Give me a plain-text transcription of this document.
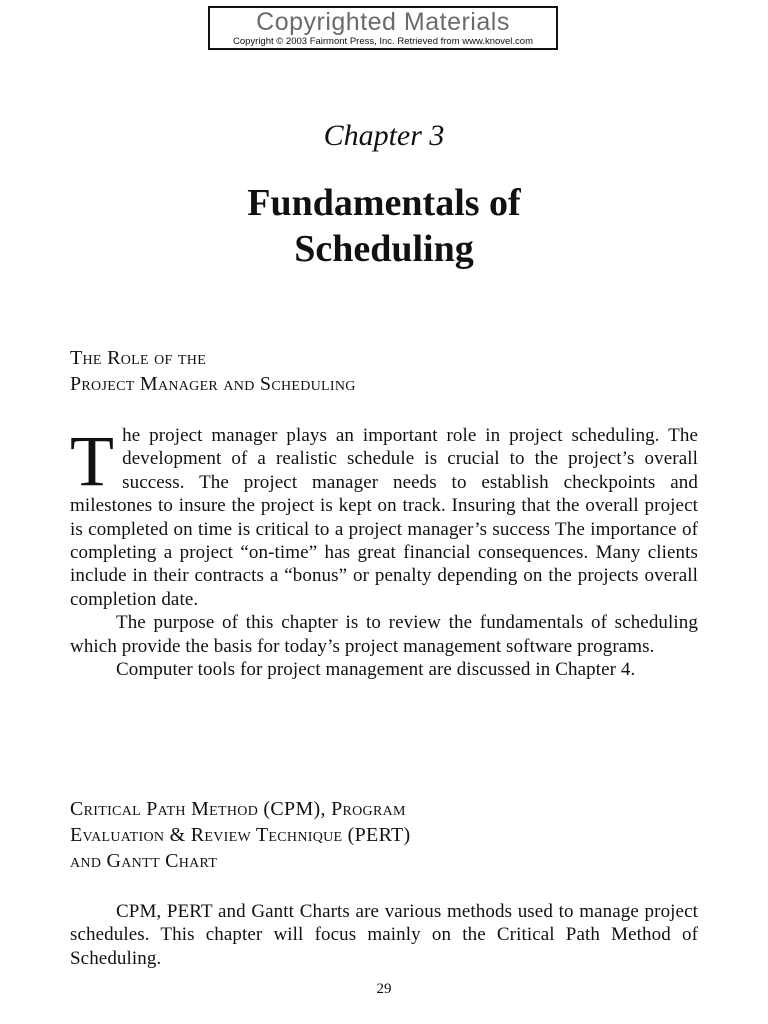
Copyrighted Materials
Copyright © 2003 Fairmont Press, Inc. Retrieved from www.knovel.com
Chapter 3
Fundamentals of
Scheduling
The Role of the
Project Manager and Scheduling

The project manager plays an important role in project scheduling. The development of a realistic schedule is crucial to the project’s overall success. The project manager needs to establish checkpoints and milestones to insure the project is kept on track. Insuring that the overall project is completed on time is critical to a project manager’s success The importance of completing a project “on-time” has great financial consequences. Many clients include in their contracts a “bonus” or penalty depending on the projects overall completion date.

The purpose of this chapter is to review the fundamentals of scheduling which provide the basis for today’s project management software programs.

Computer tools for project management are discussed in Chapter 4.

Critical Path Method (CPM), Program
Evaluation & Review Technique (PERT)
and Gantt Chart

CPM, PERT and Gantt Charts are various methods used to manage project schedules. This chapter will focus mainly on the Critical Path Method of Scheduling.

29
